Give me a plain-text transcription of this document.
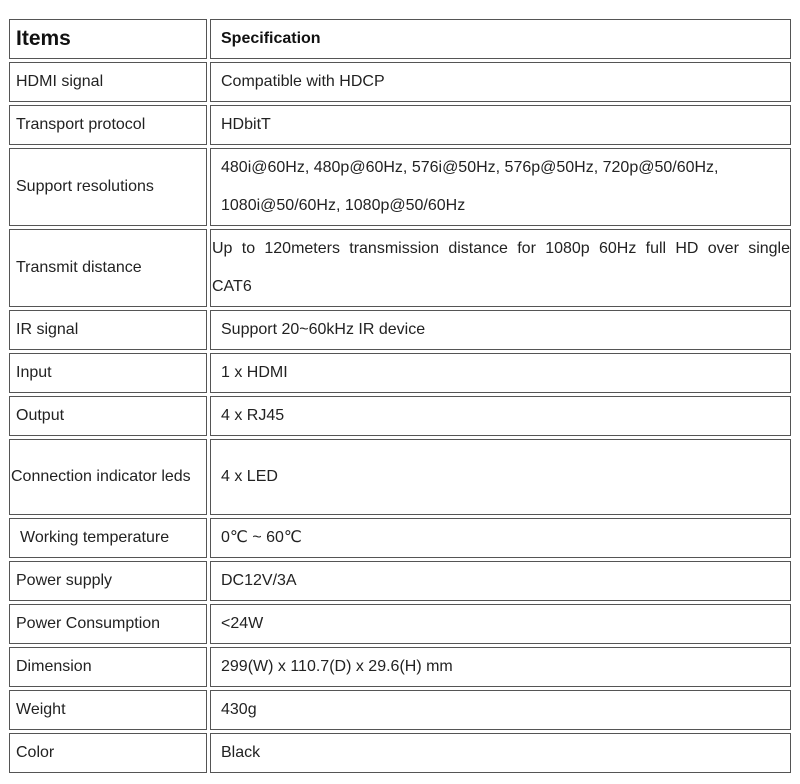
Items	Specification
HDMI signal	Compatible with HDCP
Transport protocol	HDbitT
Support resolutions	480i@60Hz, 480p@60Hz, 576i@50Hz, 576p@50Hz, 720p@50/60Hz, 1080i@50/60Hz, 1080p@50/60Hz
Transmit distance	Up to 120meters transmission distance for 1080p 60Hz full HD over single CAT6
IR signal	Support 20~60kHz IR device
Input	1 x HDMI
Output	4 x RJ45
Connection indicator leds	4 x LED
Working temperature	0℃ ~ 60℃
Power supply	DC12V/3A
Power Consumption	<24W
Dimension	299(W) x 110.7(D) x 29.6(H) mm
Weight	430g
Color	Black
